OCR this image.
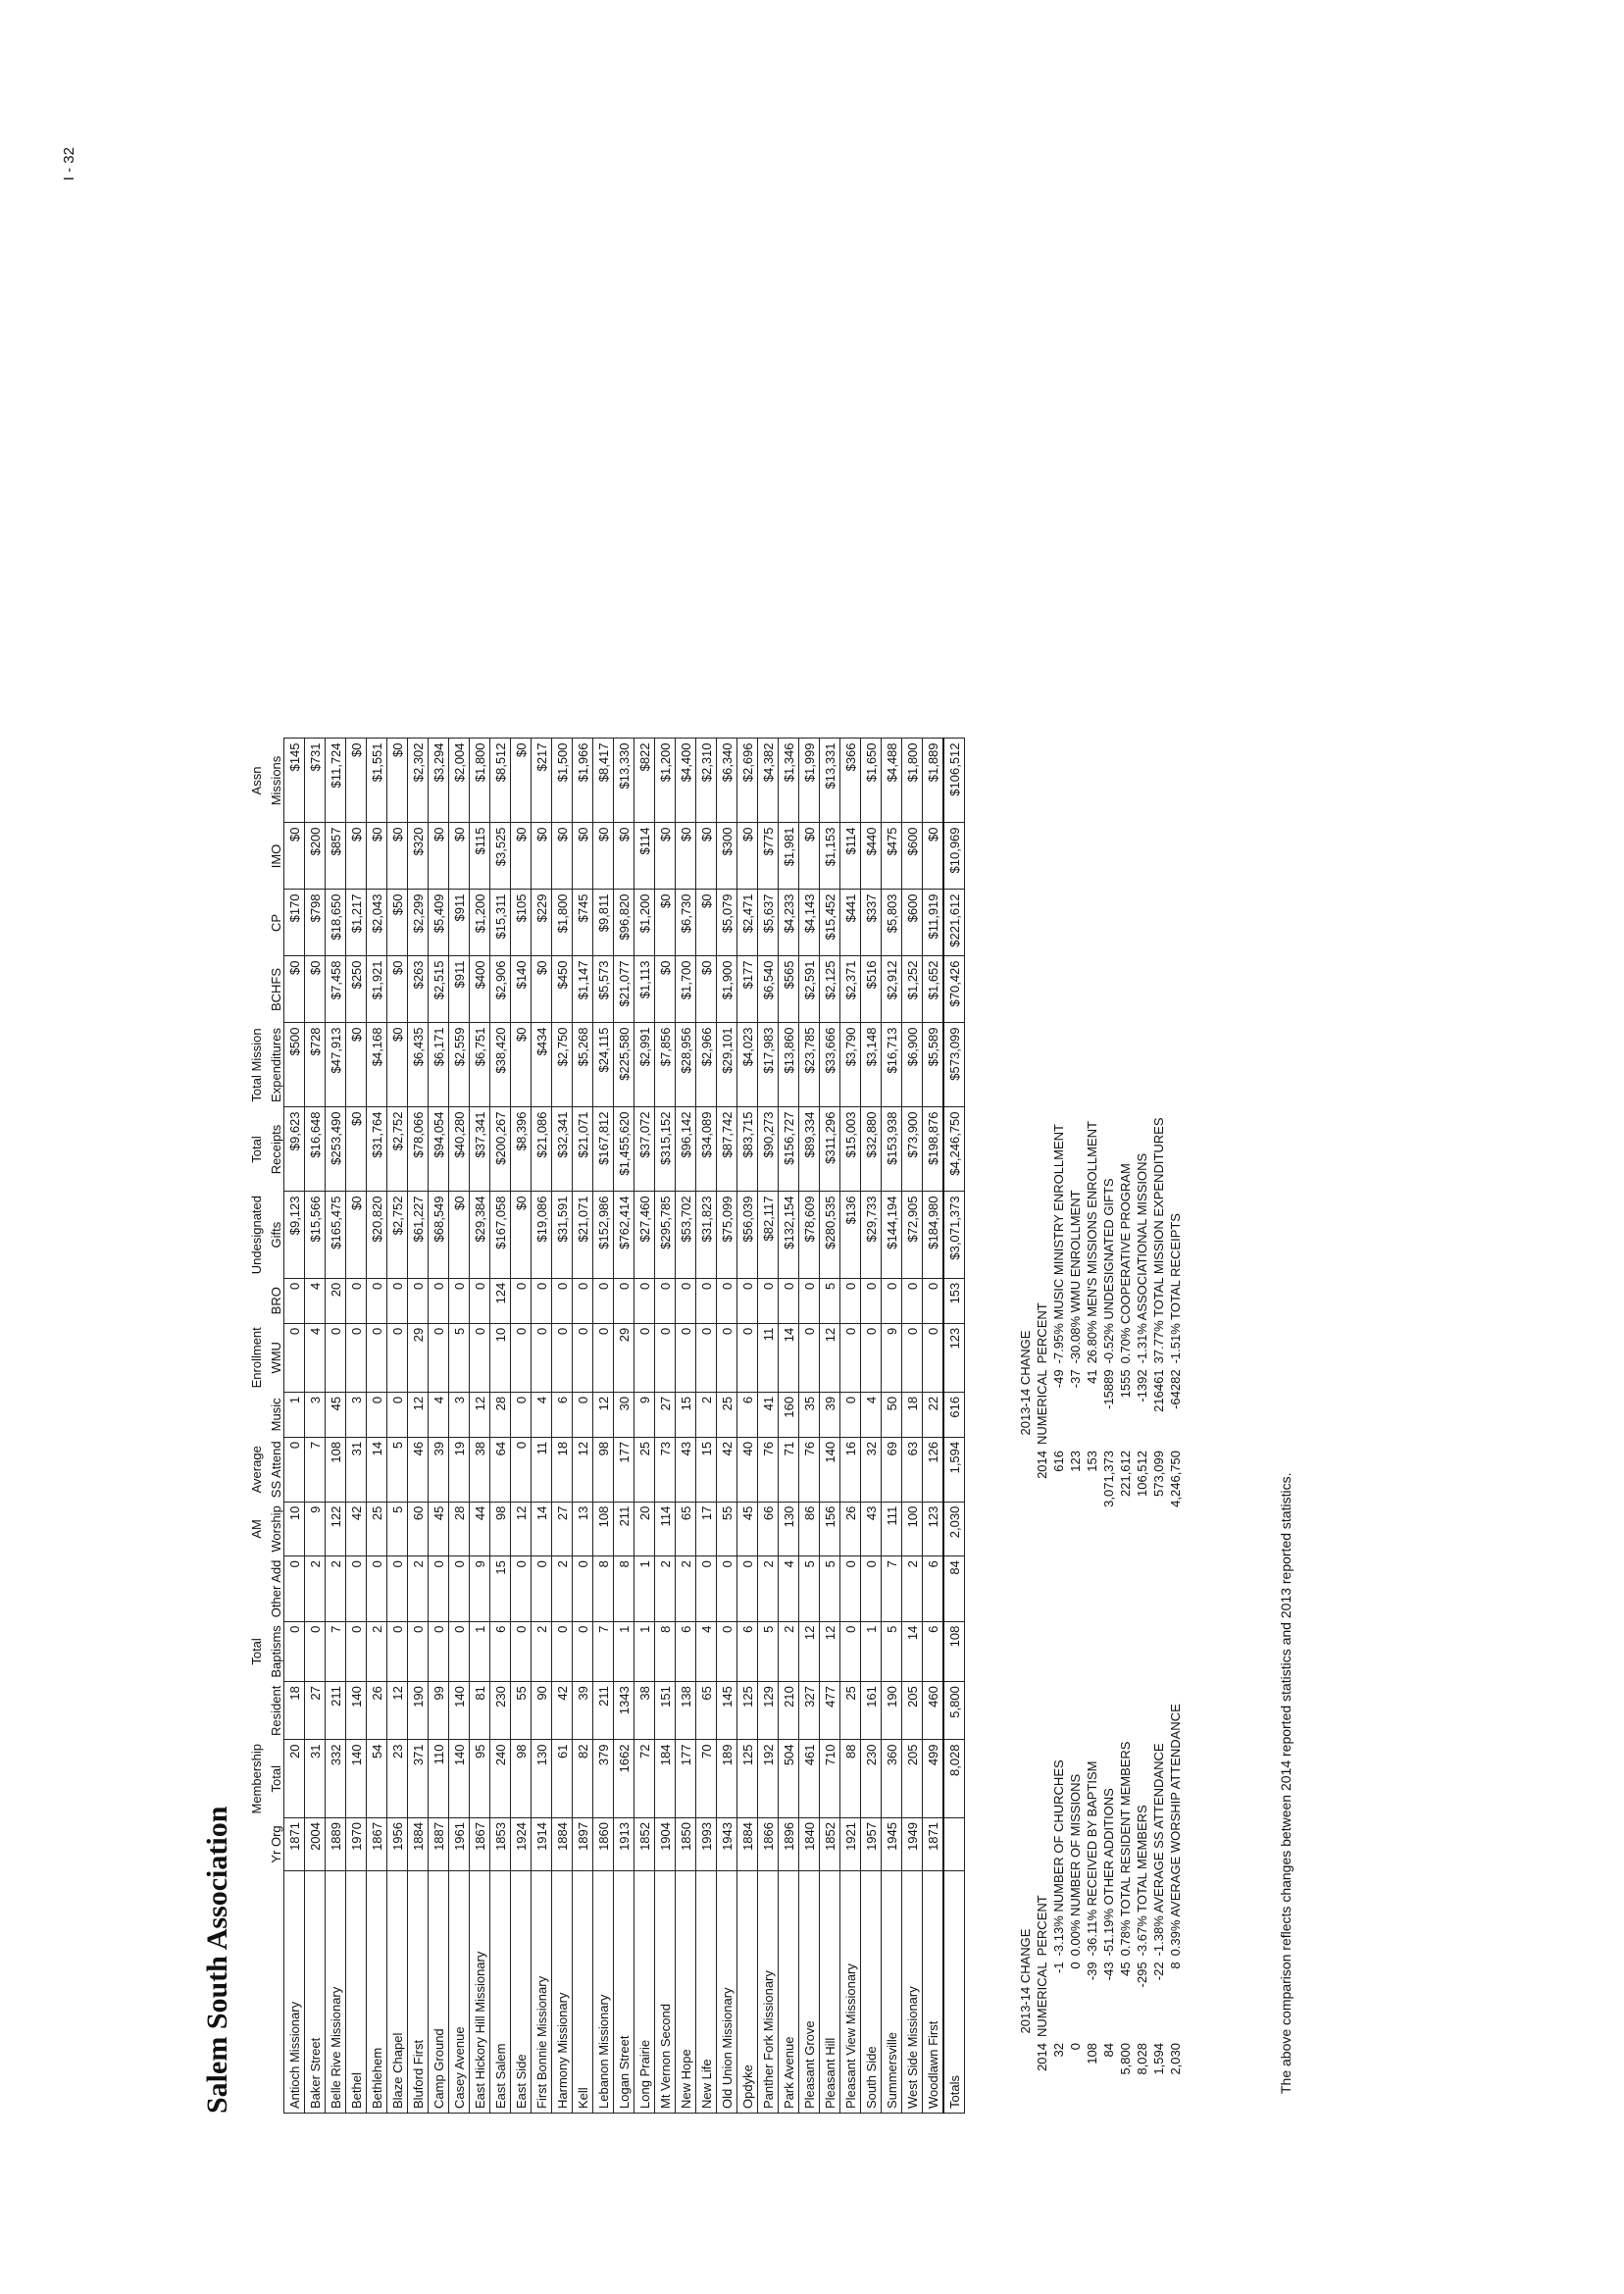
I - 32
Salem South Association
		Membership		Total		AM	Average		Enrollment		Undesignated	Total	Total Mission				Assn
	Yr Org	Total	Resident	Baptisms	Other Add	Worship	SS Attend	Music	WMU	BRO	Gifts	Receipts	Expenditures	BCHFS	CP	IMO	Missions
Antioch Missionary	1871	20	18	0	0	10	0	1	0	0	$9,123	$9,623	$500	$0	$170	$0	$145
Baker Street	2004	31	27	0	2	9	7	3	4	4	$15,566	$16,648	$728	$0	$798	$200	$731
Belle Rive Missionary	1889	332	211	7	2	122	108	45	0	20	$165,475	$253,490	$47,913	$7,458	$18,650	$857	$11,724
Bethel	1970	140	140	0	0	42	31	3	0	0	$0	$0	$0	$250	$1,217	$0	$0
Bethlehem	1867	54	26	2	0	25	14	0	0	0	$20,820	$31,764	$4,168	$1,921	$2,043	$0	$1,551
Blaze Chapel	1956	23	12	0	0	5	5	0	0	0	$2,752	$2,752	$0	$0	$50	$0	$0
Bluford First	1884	371	190	0	2	60	46	12	29	0	$61,227	$78,066	$6,435	$263	$2,299	$320	$2,302
Camp Ground	1887	110	99	0	0	45	39	4	0	0	$68,549	$94,054	$6,171	$2,515	$5,409	$0	$3,294
Casey Avenue	1961	140	140	0	0	28	19	3	5	0	$0	$40,280	$2,559	$911	$911	$0	$2,004
East Hickory Hill Missionary	1867	95	81	1	9	44	38	12	0	0	$29,384	$37,341	$6,751	$400	$1,200	$115	$1,800
East Salem	1853	240	230	6	15	98	64	28	10	124	$167,058	$200,267	$38,420	$2,906	$15,311	$3,525	$8,512
East Side	1924	98	55	0	0	12	0	0	0	0	$0	$8,396	$0	$140	$105	$0	$0
First Bonnie Missionary	1914	130	90	2	0	14	11	4	0	0	$19,086	$21,086	$434	$0	$229	$0	$217
Harmony Missionary	1884	61	42	0	2	27	18	6	0	0	$31,591	$32,341	$2,750	$450	$1,800	$0	$1,500
Kell	1897	82	39	0	0	13	12	0	0	0	$21,071	$21,071	$5,268	$1,147	$745	$0	$1,966
Lebanon Missionary	1860	379	211	7	8	108	98	12	0	0	$152,986	$167,812	$24,115	$5,573	$9,811	$0	$8,417
Logan Street	1913	1662	1343	1	8	211	177	30	29	0	$762,414	$1,455,620	$225,580	$21,077	$96,820	$0	$13,330
Long Prairie	1852	72	38	1	1	20	25	9	0	0	$27,460	$37,072	$2,991	$1,113	$1,200	$114	$822
Mt Vernon Second	1904	184	151	8	2	114	73	27	0	0	$295,785	$315,152	$7,856	$0	$0	$0	$1,200
New Hope	1850	177	138	6	2	65	43	15	0	0	$53,702	$96,142	$28,956	$1,700	$6,730	$0	$4,400
New Life	1993	70	65	4	0	17	15	2	0	0	$31,823	$34,089	$2,966	$0	$0	$0	$2,310
Old Union Missionary	1943	189	145	0	0	55	42	25	0	0	$75,099	$87,742	$29,101	$1,900	$5,079	$300	$6,340
Opdyke	1884	125	125	6	0	45	40	6	0	0	$56,039	$83,715	$4,023	$177	$2,471	$0	$2,696
Panther Fork Missionary	1866	192	129	5	2	66	76	41	11	0	$82,117	$90,273	$17,983	$6,540	$5,637	$775	$4,382
Park Avenue	1896	504	210	2	4	130	71	160	14	0	$132,154	$156,727	$13,860	$565	$4,233	$1,981	$1,346
Pleasant Grove	1840	461	327	12	5	86	76	35	0	0	$78,609	$89,334	$23,785	$2,591	$4,143	$0	$1,999
Pleasant Hill	1852	710	477	12	5	156	140	39	12	5	$280,535	$311,296	$33,666	$2,125	$15,452	$1,153	$13,331
Pleasant View Missionary	1921	88	25	0	0	26	16	0	0	0	$136	$15,003	$3,790	$2,371	$441	$114	$366
South Side	1957	230	161	1	0	43	32	4	0	0	$29,733	$32,880	$3,148	$516	$337	$440	$1,650
Summersville	1945	360	190	5	7	111	69	50	9	0	$144,194	$153,938	$16,713	$2,912	$5,803	$475	$4,488
West Side Missionary	1949	205	205	14	2	100	63	18	0	0	$72,905	$73,900	$6,900	$1,252	$600	$600	$1,800
Woodlawn First	1871	499	460	6	6	123	126	22	0	0	$184,980	$198,876	$5,589	$1,652	$11,919	$0	$1,889
Totals		8,028	5,800	108	84	2,030	1,594	616	123	153	$3,071,373	$4,246,750	$573,099	$70,426	$221,612	$10,969	$106,512
2013-14 CHANGE
2014	NUMERICAL	PERCENT
32	-1	-3.13% NUMBER OF CHURCHES
0	0	0.00% NUMBER OF MISSIONS
108	-39	-36.11% RECEIVED BY BAPTISM
84	-43	-51.19% OTHER ADDITIONS
5,800	45	0.78% TOTAL RESIDENT MEMBERS
8,028	-295	-3.67% TOTAL MEMBERS
1,594	-22	-1.38% AVERAGE SS ATTENDANCE
2,030	8	0.39% AVERAGE WORSHIP ATTENDANCE
2013-14 CHANGE
2014	NUMERICAL	PERCENT
616	-49	-7.95% MUSIC MINISTRY ENROLLMENT
123	-37	-30.08% WMU ENROLLMENT
153	41	26.80% MEN'S MISSIONS ENROLLMENT
3,071,373	-15889	-0.52% UNDESIGNATED GIFTS
221,612	1555	0.70% COOPERATIVE PROGRAM
106,512	-1392	-1.31% ASSOCIATIONAL MISSIONS
573,099	216461	37.77% TOTAL MISSION EXPENDITURES
4,246,750	-64282	-1.51% TOTAL RECEIPTS
The above comparison reflects changes between 2014 reported statistics and 2013 reported statistics.
